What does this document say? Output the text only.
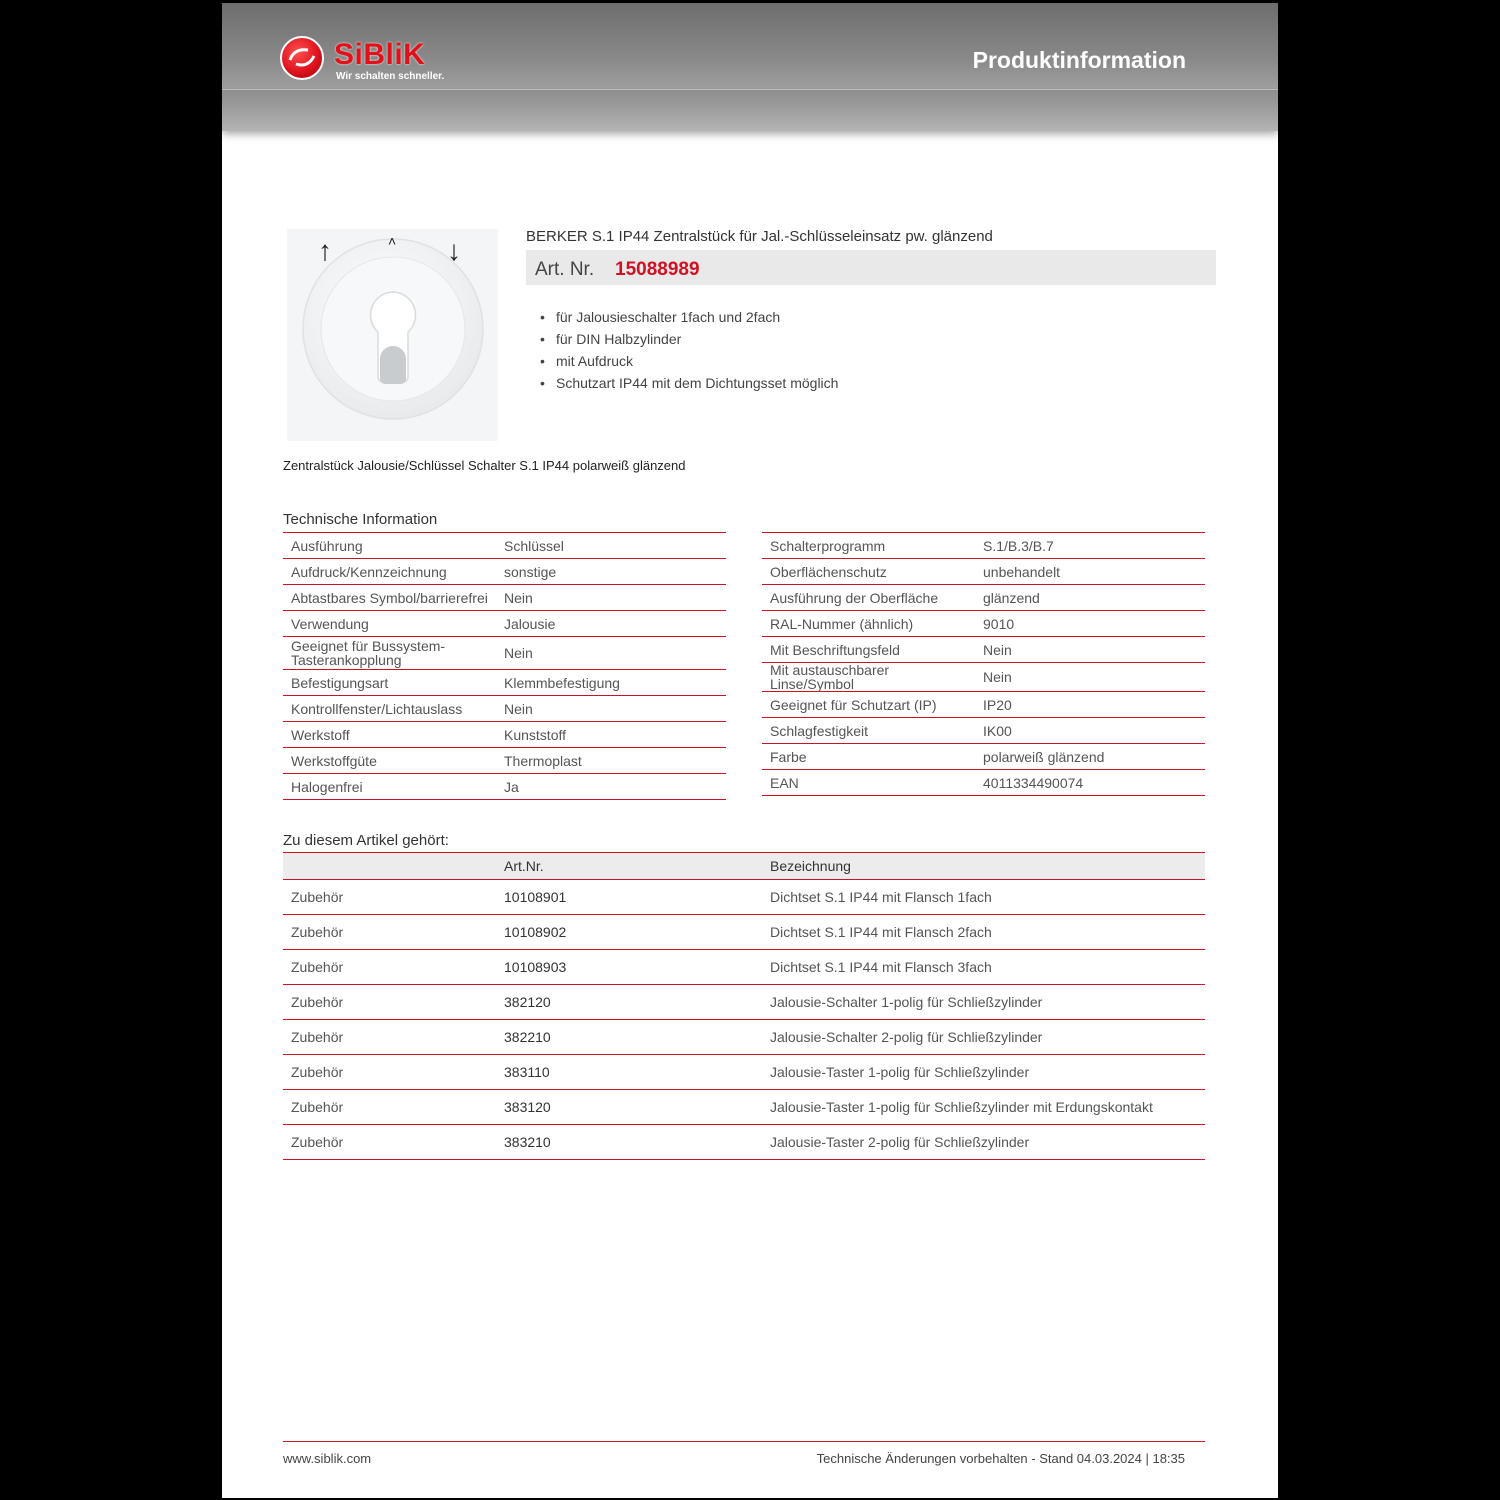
SiBliK
Wir schalten schneller.
Produktinformation
↑	˄ ↓	BERKER S.1 IP44 Zentralstück für Jal.-Schlüsseleinsatz pw. glänzend
Art. Nr. 15088989
• für Jalousieschalter 1fach und 2fach
• für DIN Halbzylinder
• mit Aufdruck
• Schutzart IP44 mit dem Dichtungsset möglich
Zentralstück Jalousie/Schlüssel Schalter S.1 IP44 polarweiß glänzend
Technische Information
Ausführung	Schlüssel
Aufdruck/Kennzeichnung	sonstige
Abtastbares Symbol/barrierefrei	Nein
Verwendung	Jalousie
Geeignet für Bussystem-Tasterankopplung	Nein
Befestigungsart	Klemmbefestigung
Kontrollfenster/Lichtauslass	Nein
Werkstoff	Kunststoff
Werkstoffgüte	Thermoplast
Halogenfrei	Ja
Schalterprogramm	S.1/B.3/B.7
Oberflächenschutz	unbehandelt
Ausführung der Oberfläche	glänzend
RAL-Nummer (ähnlich)	9010
Mit Beschriftungsfeld	Nein
Mit austauschbarer Linse/Symbol	Nein
Geeignet für Schutzart (IP)	IP20
Schlagfestigkeit	IK00
Farbe	polarweiß glänzend
EAN	4011334490074
Zu diesem Artikel gehört:
	Art.Nr.	Bezeichnung
Zubehör	10108901	Dichtset S.1 IP44 mit Flansch 1fach
Zubehör	10108902	Dichtset S.1 IP44 mit Flansch 2fach
Zubehör	10108903	Dichtset S.1 IP44 mit Flansch 3fach
Zubehör	382120	Jalousie-Schalter 1-polig für Schließzylinder
Zubehör	382210	Jalousie-Schalter 2-polig für Schließzylinder
Zubehör	383110	Jalousie-Taster 1-polig für Schließzylinder
Zubehör	383120	Jalousie-Taster 1-polig für Schließzylinder mit Erdungskontakt
Zubehör	383210	Jalousie-Taster 2-polig für Schließzylinder
www.siblik.com	Technische Änderungen vorbehalten - Stand 04.03.2024 | 18:35
